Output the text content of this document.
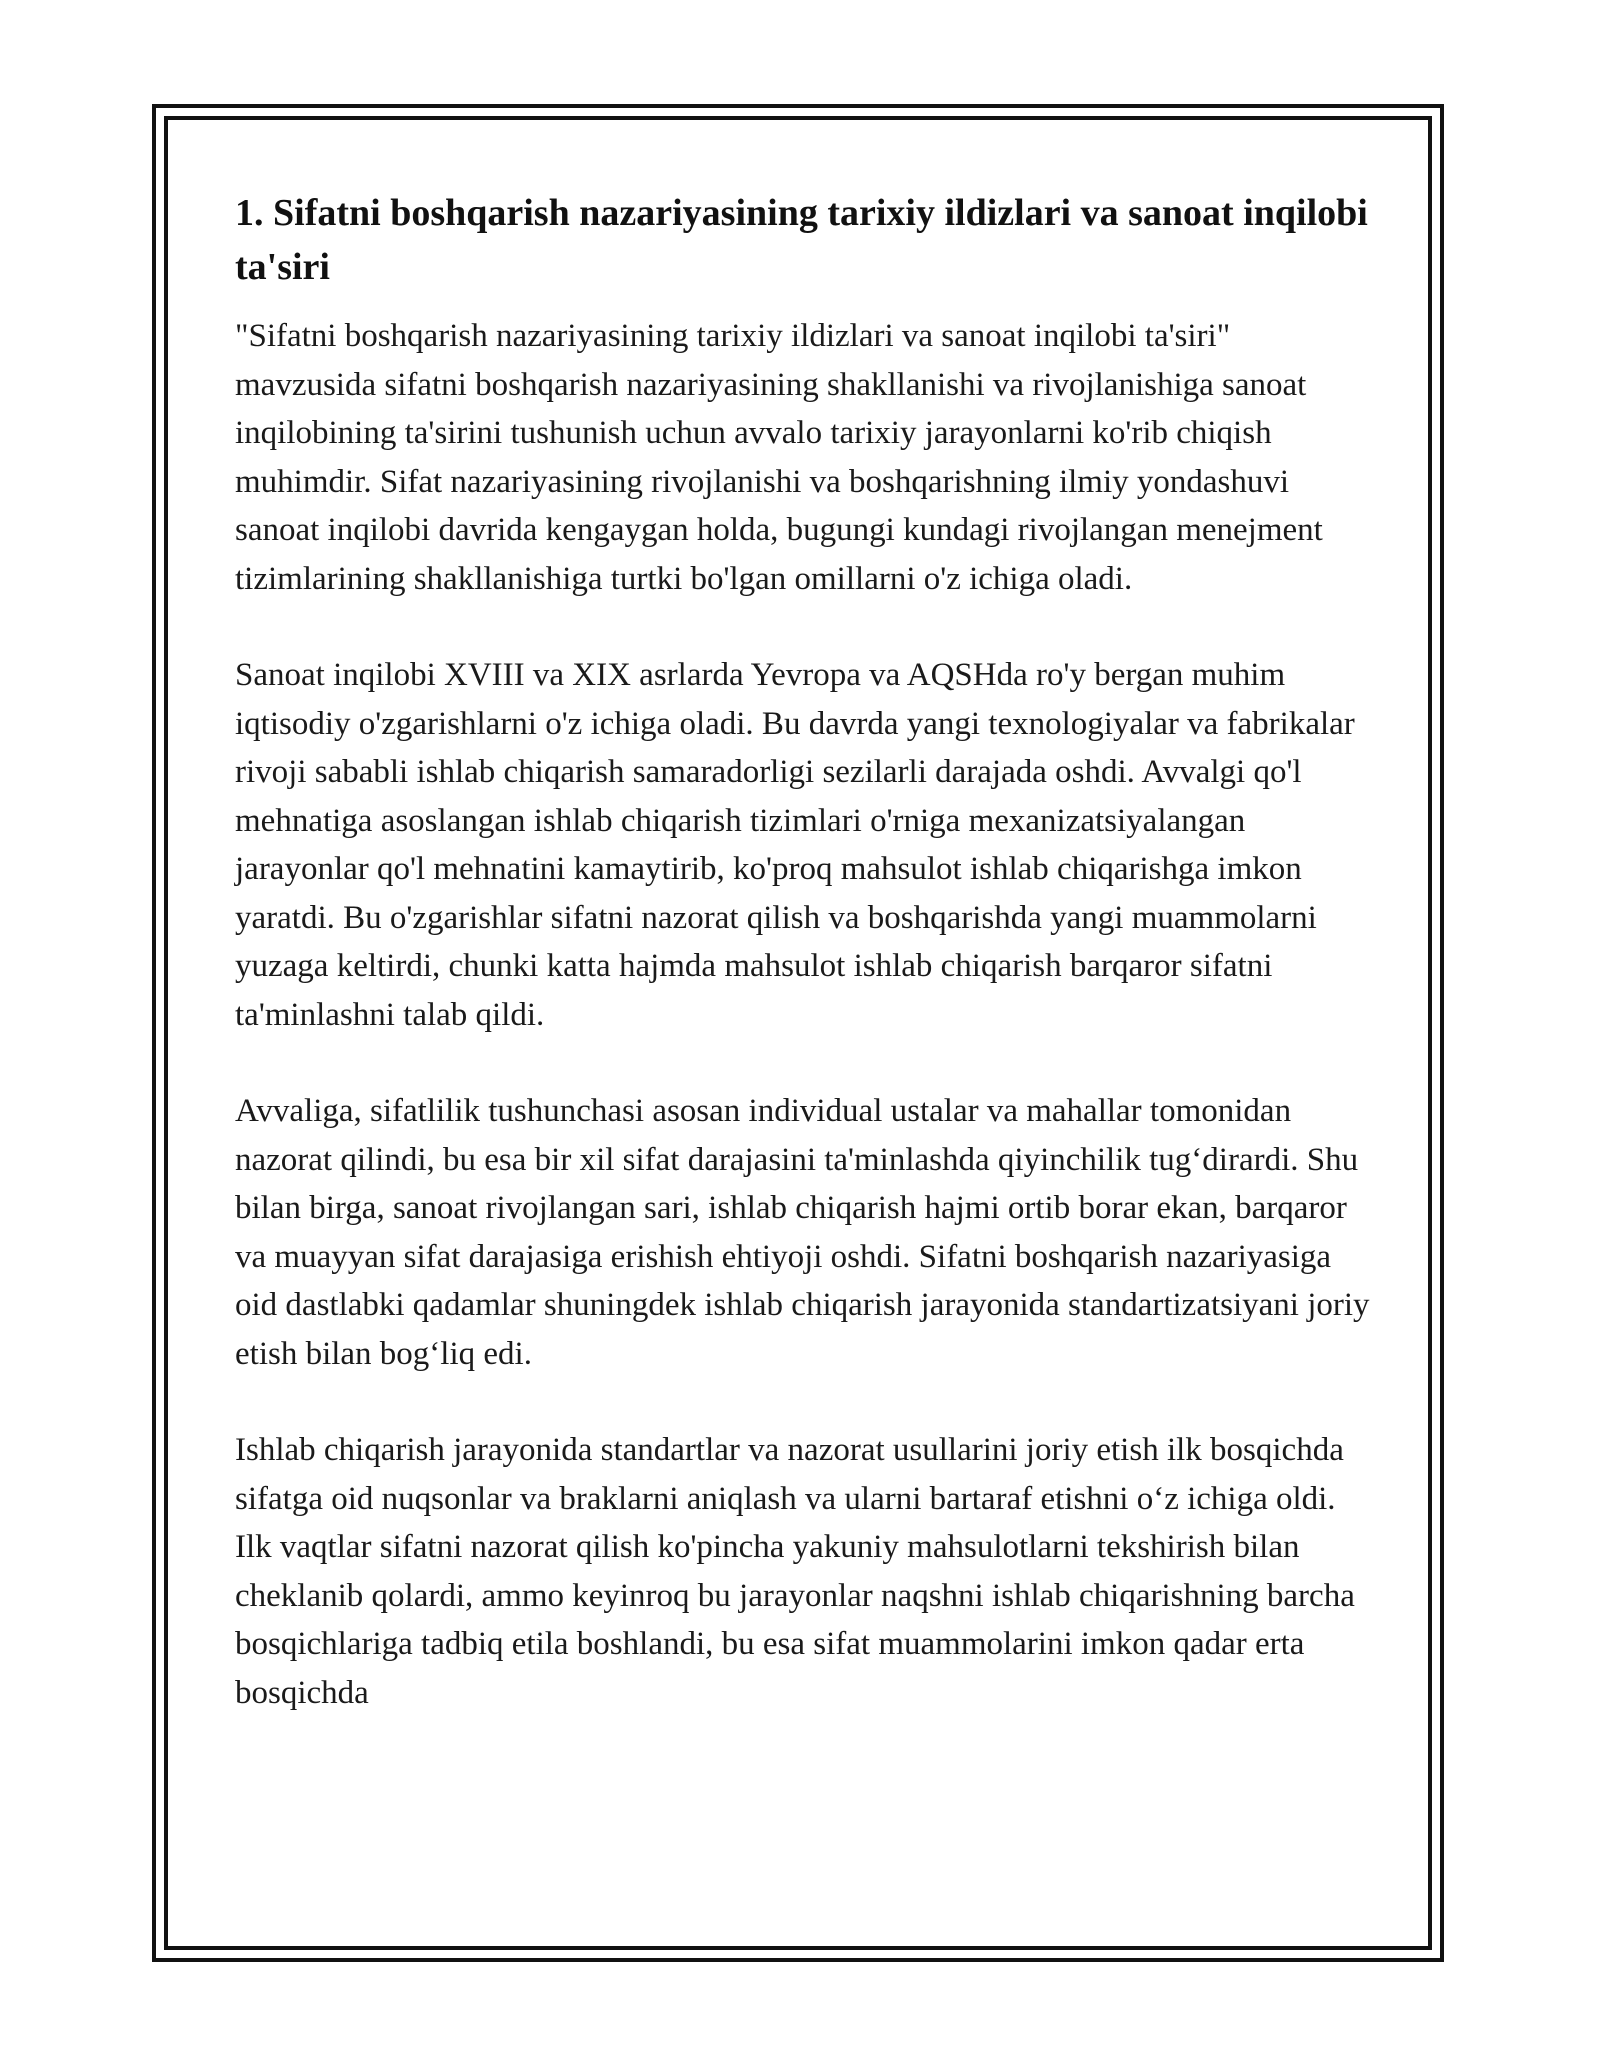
1. Sifatni boshqarish nazariyasining tarixiy ildizlari va sanoat inqilobi ta'siri

"Sifatni boshqarish nazariyasining tarixiy ildizlari va sanoat inqilobi ta'siri" mavzusida sifatni boshqarish nazariyasining shakllanishi va rivojlanishiga sanoat inqilobining ta'sirini tushunish uchun avvalo tarixiy jarayonlarni ko'rib chiqish muhimdir. Sifat nazariyasining rivojlanishi va boshqarishning ilmiy yondashuvi sanoat inqilobi davrida kengaygan holda, bugungi kundagi rivojlangan menejment tizimlarining shakllanishiga turtki bo'lgan omillarni o'z ichiga oladi.

Sanoat inqilobi XVIII va XIX asrlarda Yevropa va AQSHda ro'y bergan muhim iqtisodiy o'zgarishlarni o'z ichiga oladi. Bu davrda yangi texnologiyalar va fabrikalar rivoji sababli ishlab chiqarish samaradorligi sezilarli darajada oshdi. Avvalgi qo'l mehnatiga asoslangan ishlab chiqarish tizimlari o'rniga mexanizatsiyalangan jarayonlar qo'l mehnatini kamaytirib, ko'proq mahsulot ishlab chiqarishga imkon yaratdi. Bu o'zgarishlar sifatni nazorat qilish va boshqarishda yangi muammolarni yuzaga keltirdi, chunki katta hajmda mahsulot ishlab chiqarish barqaror sifatni ta'minlashni talab qildi.

Avvaliga, sifatlilik tushunchasi asosan individual ustalar va mahallar tomonidan nazorat qilindi, bu esa bir xil sifat darajasini ta'minlashda qiyinchilik tug‘dirardi. Shu bilan birga, sanoat rivojlangan sari, ishlab chiqarish hajmi ortib borar ekan, barqaror va muayyan sifat darajasiga erishish ehtiyoji oshdi. Sifatni boshqarish nazariyasiga oid dastlabki qadamlar shuningdek ishlab chiqarish jarayonida standartizatsiyani joriy etish bilan bog‘liq edi.

Ishlab chiqarish jarayonida standartlar va nazorat usullarini joriy etish ilk bosqichda sifatga oid nuqsonlar va braklarni aniqlash va ularni bartaraf etishni o‘z ichiga oldi. Ilk vaqtlar sifatni nazorat qilish ko'pincha yakuniy mahsulotlarni tekshirish bilan cheklanib qolardi, ammo keyinroq bu jarayonlar naqshni ishlab chiqarishning barcha bosqichlariga tadbiq etila boshlandi, bu esa sifat muammolarini imkon qadar erta bosqichda
